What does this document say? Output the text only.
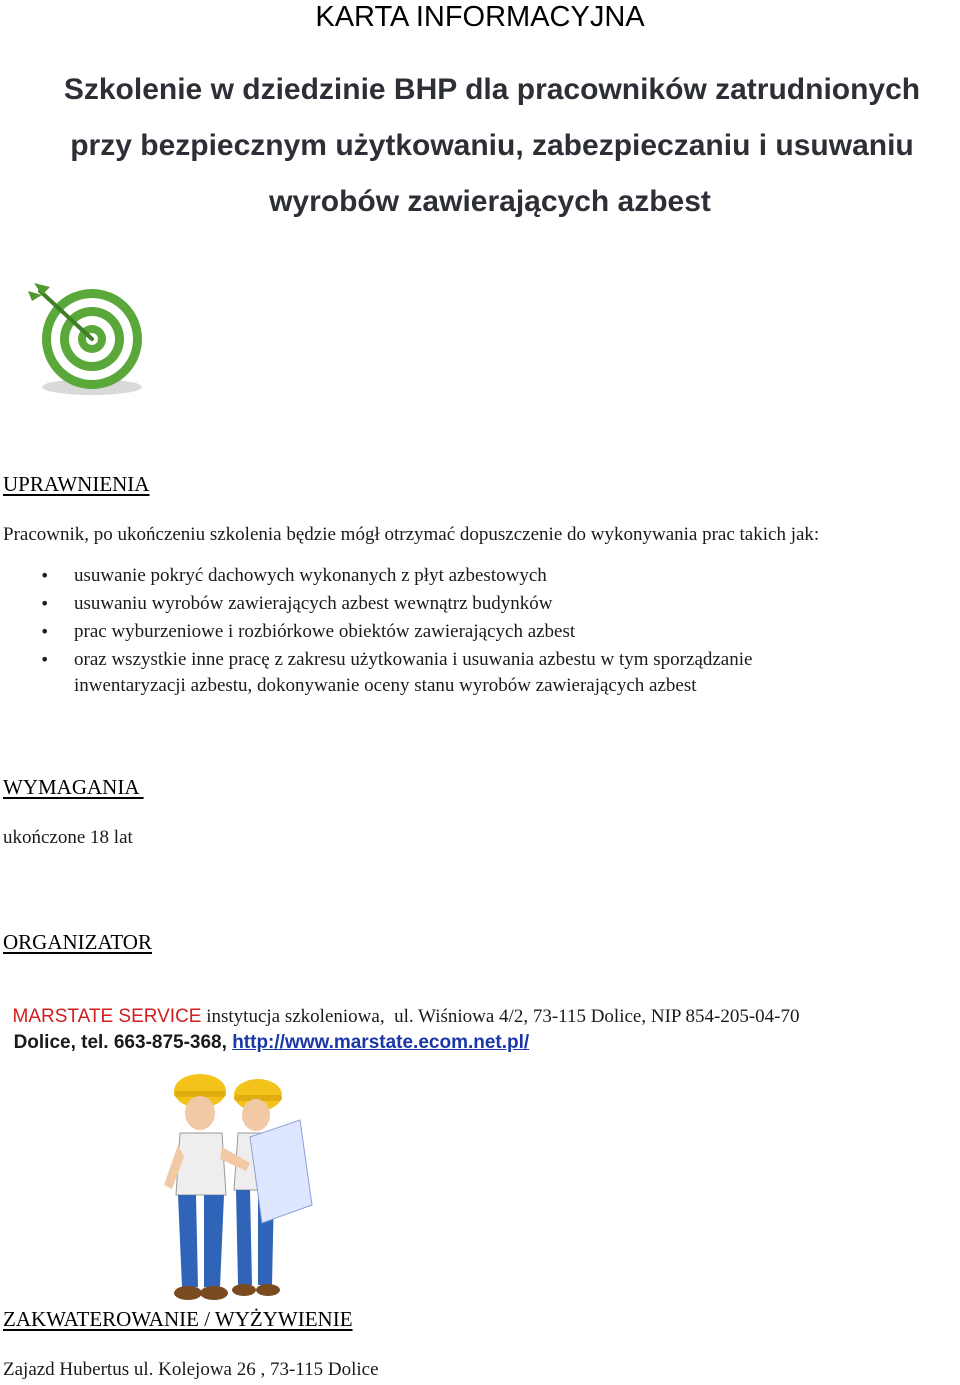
KARTA INFORMACYJNA
Szkolenie w dziedzinie BHP dla pracowników zatrudnionych
przy bezpiecznym użytkowaniu, zabezpieczaniu i usuwaniu
wyrobów zawierających azbest
UPRAWNIENIA
Pracownik, po ukończeniu szkolenia będzie mógł otrzymać dopuszczenie do wykonywania prac takich jak:
• usuwanie pokryć dachowych wykonanych z płyt azbestowych
• usuwaniu wyrobów zawierających azbest wewnątrz budynków
• prac wyburzeniowe i rozbiórkowe obiektów zawierających azbest
• oraz wszystkie inne pracę z zakresu użytkowania i usuwania azbestu w tym sporządzanie inwentaryzacji azbestu, dokonywanie oceny stanu wyrobów zawierających azbest
WYMAGANIA
ukończone 18 lat
ORGANIZATOR

MARSTATE SERVICE instytucja szkoleniowa,  ul. Wiśniowa 4/2, 73-115 Dolice, NIP 854-205-04-70

Dolice, tel. 663-875-368, http://www.marstate.ecom.net.pl/

ZAKWATEROWANIE / WYŻYWIENIE
Zajazd Hubertus ul. Kolejowa 26 , 73-115 Dolice
